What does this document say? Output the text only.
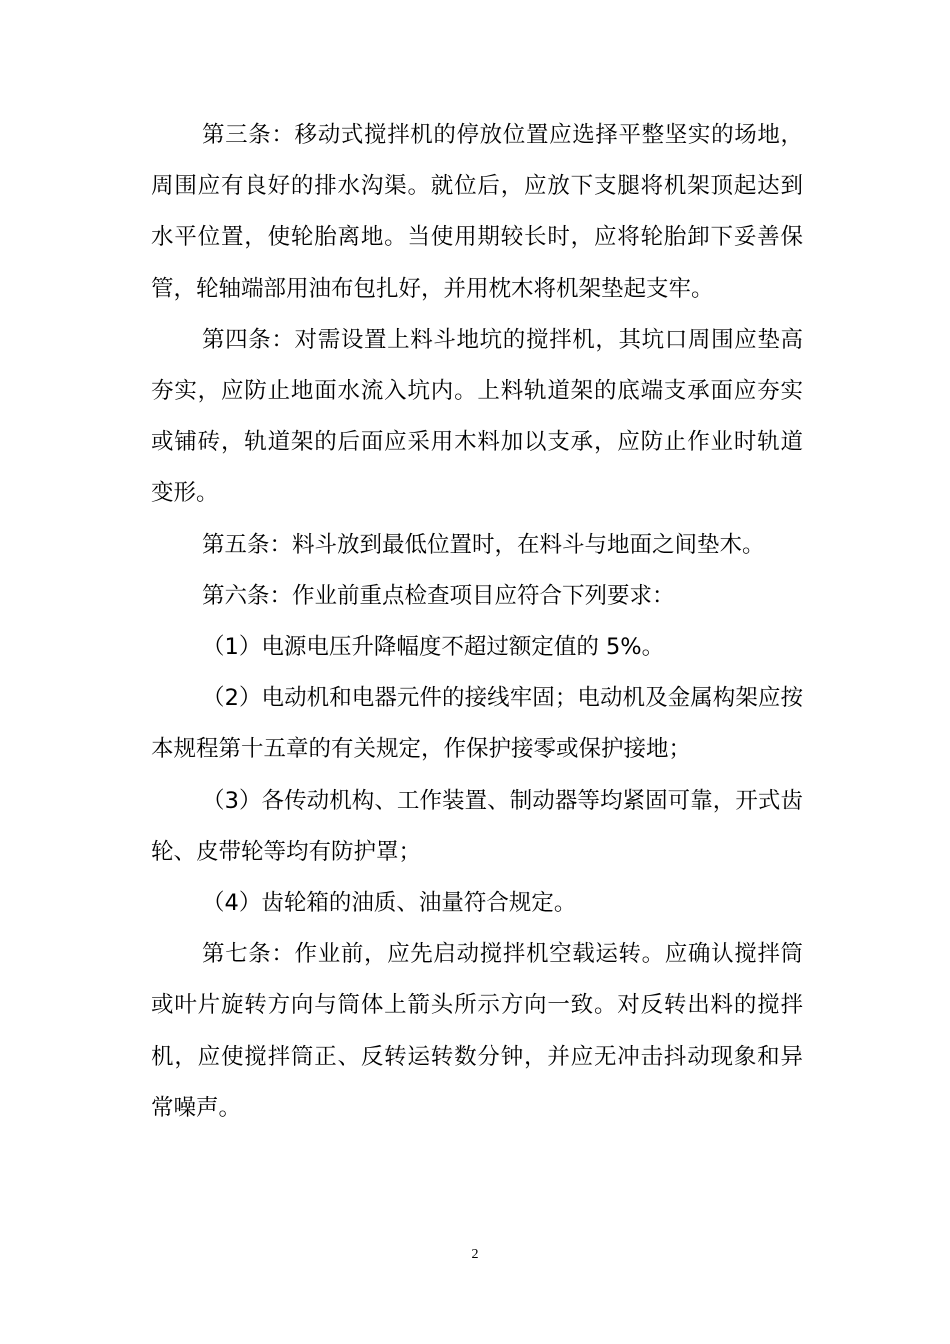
第三条：移动式搅拌机的停放位置应选择平整坚实的场地，周围应有良好的排水沟渠。就位后，应放下支腿将机架顶起达到水平位置，使轮胎离地。当使用期较长时，应将轮胎卸下妥善保管，轮轴端部用油布包扎好，并用枕木将机架垫起支牢。

第四条：对需设置上料斗地坑的搅拌机，其坑口周围应垫高夯实，应防止地面水流入坑内。上料轨道架的底端支承面应夯实或铺砖，轨道架的后面应采用木料加以支承，应防止作业时轨道变形。

第五条：料斗放到最低位置时，在料斗与地面之间垫木。

第六条：作业前重点检查项目应符合下列要求：

（1）电源电压升降幅度不超过额定值的 5%。

（2）电动机和电器元件的接线牢固；电动机及金属构架应按本规程第十五章的有关规定，作保护接零或保护接地；

（3）各传动机构、工作装置、制动器等均紧固可靠，开式齿轮、皮带轮等均有防护罩；

（4）齿轮箱的油质、油量符合规定。

第七条：作业前，应先启动搅拌机空载运转。应确认搅拌筒或叶片旋转方向与筒体上箭头所示方向一致。对反转出料的搅拌机，应使搅拌筒正、反转运转数分钟，并应无冲击抖动现象和异常噪声。

2
